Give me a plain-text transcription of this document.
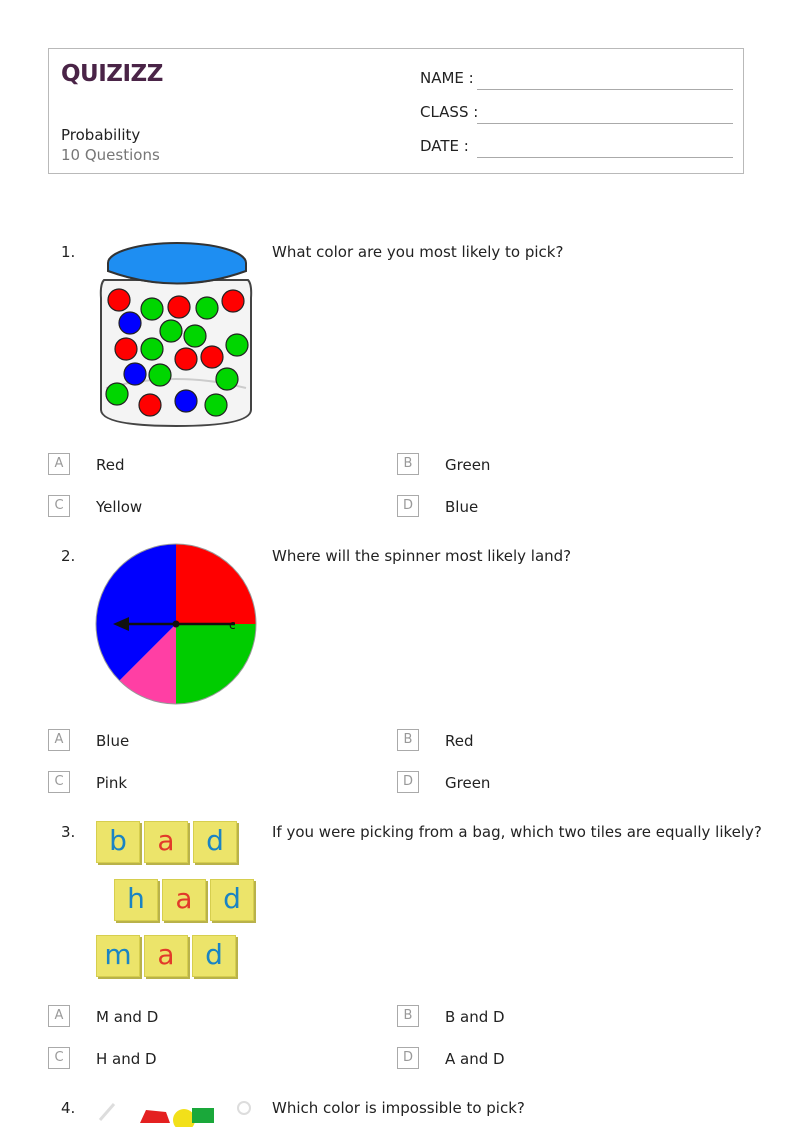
QUIZIZZ
Probability
10 Questions
NAME :
CLASS :
DATE :
1.	What color are you most likely to pick?
A	Red	B	Green
C	Yellow	D	Blue
2.	Where will the spinner most likely land?
c
A	Blue	B	Red
C	Pink	D	Green
3.	If you were picking from a bag, which two tiles are equally likely?
b	a	d
h	a	d
m a	d
A	M and D	B	B and D
C	H and D	D	A and D
4.	Which color is impossible to pick?
